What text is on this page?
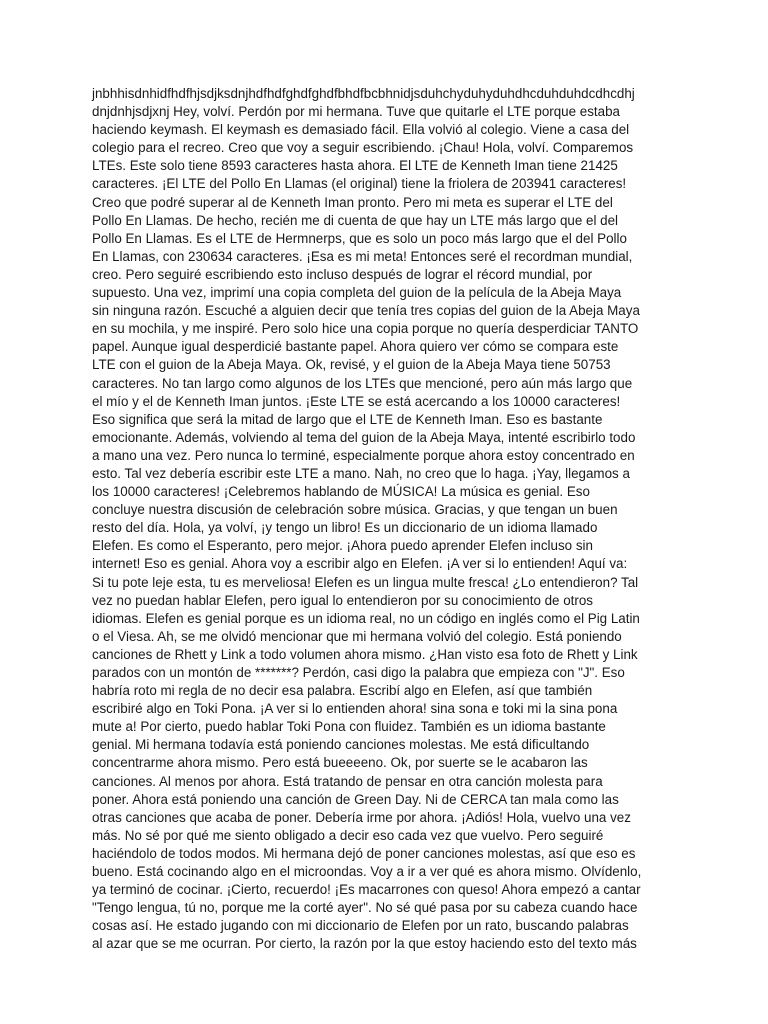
jnbhhisdnhidfhdfhjsdjksdnjhdfhdfghdfghdfbhdfbcbhnidjsduhchyduhyduhdhcduhduhdcdhcdhj
dnjdnhjsdjxnj Hey, volví. Perdón por mi hermana. Tuve que quitarle el LTE porque estaba
haciendo keymash. El keymash es demasiado fácil. Ella volvió al colegio. Viene a casa del
colegio para el recreo. Creo que voy a seguir escribiendo. ¡Chau! Hola, volví. Comparemos
LTEs. Este solo tiene 8593 caracteres hasta ahora. El LTE de Kenneth Iman tiene 21425
caracteres. ¡El LTE del Pollo En Llamas (el original) tiene la friolera de 203941 caracteres!
Creo que podré superar al de Kenneth Iman pronto. Pero mi meta es superar el LTE del
Pollo En Llamas. De hecho, recién me di cuenta de que hay un LTE más largo que el del
Pollo En Llamas. Es el LTE de Hermnerps, que es solo un poco más largo que el del Pollo
En Llamas, con 230634 caracteres. ¡Esa es mi meta! Entonces seré el recordman mundial,
creo. Pero seguiré escribiendo esto incluso después de lograr el récord mundial, por
supuesto. Una vez, imprimí una copia completa del guion de la película de la Abeja Maya
sin ninguna razón. Escuché a alguien decir que tenía tres copias del guion de la Abeja Maya
en su mochila, y me inspiré. Pero solo hice una copia porque no quería desperdiciar TANTO
papel. Aunque igual desperdicié bastante papel. Ahora quiero ver cómo se compara este
LTE con el guion de la Abeja Maya. Ok, revisé, y el guion de la Abeja Maya tiene 50753
caracteres. No tan largo como algunos de los LTEs que mencioné, pero aún más largo que
el mío y el de Kenneth Iman juntos. ¡Este LTE se está acercando a los 10000 caracteres!
Eso significa que será la mitad de largo que el LTE de Kenneth Iman. Eso es bastante
emocionante. Además, volviendo al tema del guion de la Abeja Maya, intenté escribirlo todo
a mano una vez. Pero nunca lo terminé, especialmente porque ahora estoy concentrado en
esto. Tal vez debería escribir este LTE a mano. Nah, no creo que lo haga. ¡Yay, llegamos a
los 10000 caracteres! ¡Celebremos hablando de MÚSICA! La música es genial. Eso
concluye nuestra discusión de celebración sobre música. Gracias, y que tengan un buen
resto del día. Hola, ya volví, ¡y tengo un libro! Es un diccionario de un idioma llamado
Elefen. Es como el Esperanto, pero mejor. ¡Ahora puedo aprender Elefen incluso sin
internet! Eso es genial. Ahora voy a escribir algo en Elefen. ¡A ver si lo entienden! Aquí va:
Si tu pote leje esta, tu es merveliosa! Elefen es un lingua multe fresca! ¿Lo entendieron? Tal
vez no puedan hablar Elefen, pero igual lo entendieron por su conocimiento de otros
idiomas. Elefen es genial porque es un idioma real, no un código en inglés como el Pig Latin
o el Viesa. Ah, se me olvidó mencionar que mi hermana volvió del colegio. Está poniendo
canciones de Rhett y Link a todo volumen ahora mismo. ¿Han visto esa foto de Rhett y Link
parados con un montón de *******? Perdón, casi digo la palabra que empieza con "J". Eso
habría roto mi regla de no decir esa palabra. Escribí algo en Elefen, así que también
escribiré algo en Toki Pona. ¡A ver si lo entienden ahora! sina sona e toki mi la sina pona
mute a! Por cierto, puedo hablar Toki Pona con fluidez. También es un idioma bastante
genial. Mi hermana todavía está poniendo canciones molestas. Me está dificultando
concentrarme ahora mismo. Pero está bueeeeno. Ok, por suerte se le acabaron las
canciones. Al menos por ahora. Está tratando de pensar en otra canción molesta para
poner. Ahora está poniendo una canción de Green Day. Ni de CERCA tan mala como las
otras canciones que acaba de poner. Debería irme por ahora. ¡Adiós! Hola, vuelvo una vez
más. No sé por qué me siento obligado a decir eso cada vez que vuelvo. Pero seguiré
haciéndolo de todos modos. Mi hermana dejó de poner canciones molestas, así que eso es
bueno. Está cocinando algo en el microondas. Voy a ir a ver qué es ahora mismo. Olvídenlo,
ya terminó de cocinar. ¡Cierto, recuerdo! ¡Es macarrones con queso! Ahora empezó a cantar
"Tengo lengua, tú no, porque me la corté ayer". No sé qué pasa por su cabeza cuando hace
cosas así. He estado jugando con mi diccionario de Elefen por un rato, buscando palabras
al azar que se me ocurran. Por cierto, la razón por la que estoy haciendo esto del texto más
